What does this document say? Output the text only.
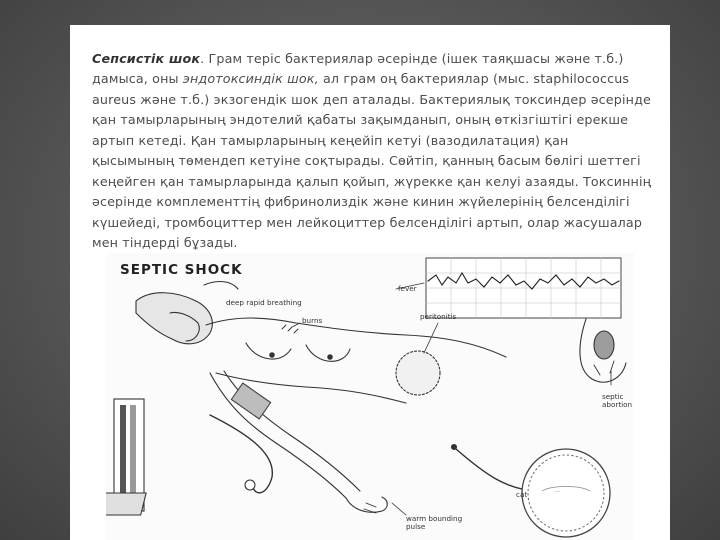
Сепсистік шок. Грам теріс бактериялар әсерінде (ішек таяқшасы және т.б.) дамыса, оны эндотоксиндік шок, ал грам оң бактериялар (мыс. staphilococcus aureus және т.б.) экзогендік шок деп аталады. Бактериялық токсиндер әсерінде қан тамырларының эндотелий қабаты зақымданып, оның өткізгіштігі ерекше артып кетеді. Қан тамырларының кеңейіп кетуі (вазодилатация) қан қысымының төмендеп кетуіне соқтырады. Сөйтіп, қанның басым бөлігі шеттегі кеңейген қан тамырларында қалып қойып, жүрекке қан келуі азаяды. Токсиннің әсерінде комплементтің фибринолиздік және кинин жүйелерінің белсенділігі күшейеді, тромбоциттер мен лейкоциттер белсенділігі артып, олар жасушалар мен тіндерді бұзады.

SEPTIC SHOCK
deep rapid breathing
fever
burns	peritonitis
septic
abortion
cat
warm bounding
pulse
…
